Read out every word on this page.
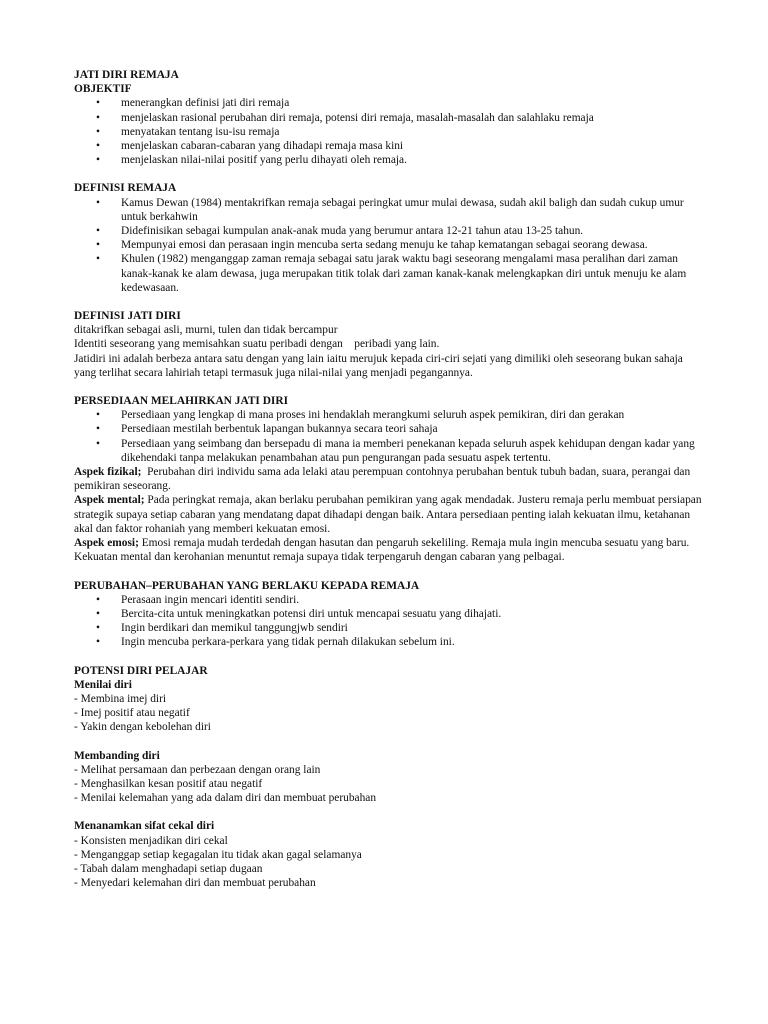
JATI DIRI REMAJA
OBJEKTIF
• menerangkan definisi jati diri remaja
• menjelaskan rasional perubahan diri remaja, potensi diri remaja, masalah-masalah dan salahlaku remaja
• menyatakan tentang isu-isu remaja
• menjelaskan cabaran-cabaran yang dihadapi remaja masa kini
• menjelaskan nilai-nilai positif yang perlu dihayati oleh remaja.
DEFINISI REMAJA
• Kamus Dewan (1984) mentakrifkan remaja sebagai peringkat umur mulai dewasa, sudah akil baligh dan sudah cukup umur untuk berkahwin
• Didefinisikan sebagai kumpulan anak-anak muda yang berumur antara 12-21 tahun atau 13-25 tahun.
• Mempunyai emosi dan perasaan ingin mencuba serta sedang menuju ke tahap kematangan sebagai seorang dewasa.
• Khulen (1982) menganggap zaman remaja sebagai satu jarak waktu bagi seseorang mengalami masa peralihan dari zaman kanak-kanak ke alam dewasa, juga merupakan titik tolak dari zaman kanak-kanak melengkapkan diri untuk menuju ke alam kedewasaan.
DEFINISI JATI DIRI

ditakrifkan sebagai asli, murni, tulen dan tidak bercampur

Identiti seseorang yang memisahkan suatu peribadi dengan    peribadi yang lain.

Jatidiri ini adalah berbeza antara satu dengan yang lain iaitu merujuk kepada ciri-ciri sejati yang dimiliki oleh seseorang bukan sahaja yang terlihat secara lahiriah tetapi termasuk juga nilai-nilai yang menjadi pegangannya.

PERSEDIAAN MELAHIRKAN JATI DIRI
• Persediaan yang lengkap di mana proses ini hendaklah merangkumi seluruh aspek pemikiran, diri dan gerakan
• Persediaan mestilah berbentuk lapangan bukannya secara teori sahaja
• Persediaan yang seimbang dan bersepadu di mana ia memberi penekanan kepada seluruh aspek kehidupan dengan kadar yang dikehendaki tanpa melakukan penambahan atau pun pengurangan pada sesuatu aspek tertentu.

Aspek fizikal;  Perubahan diri individu sama ada lelaki atau perempuan contohnya perubahan bentuk tubuh badan, suara, perangai dan pemikiran seseorang.

Aspek mental; Pada peringkat remaja, akan berlaku perubahan pemikiran yang agak mendadak. Justeru remaja perlu membuat persiapan strategik supaya setiap cabaran yang mendatang dapat dihadapi dengan baik. Antara persediaan penting ialah kekuatan ilmu, ketahanan akal dan faktor rohaniah yang memberi kekuatan emosi.

Aspek emosi; Emosi remaja mudah terdedah dengan hasutan dan pengaruh sekeliling. Remaja mula ingin mencuba sesuatu yang baru. Kekuatan mental dan kerohanian menuntut remaja supaya tidak terpengaruh dengan cabaran yang pelbagai.

PERUBAHAN–PERUBAHAN YANG BERLAKU KEPADA REMAJA
• Perasaan ingin mencari identiti sendiri.
• Bercita-cita untuk meningkatkan potensi diri untuk mencapai sesuatu yang dihajati.
• Ingin berdikari dan memikul tanggungjwb sendiri
• Ingin mencuba perkara-perkara yang tidak pernah dilakukan sebelum ini.
POTENSI DIRI PELAJAR
Menilai diri

- Membina imej diri

- Imej positif atau negatif

- Yakin dengan kebolehan diri

Membanding diri

- Melihat persamaan dan perbezaan dengan orang lain

- Menghasilkan kesan positif atau negatif

- Menilai kelemahan yang ada dalam diri dan membuat perubahan

Menanamkan sifat cekal diri

- Konsisten menjadikan diri cekal

- Menganggap setiap kegagalan itu tidak akan gagal selamanya

- Tabah dalam menghadapi setiap dugaan

- Menyedari kelemahan diri dan membuat perubahan
